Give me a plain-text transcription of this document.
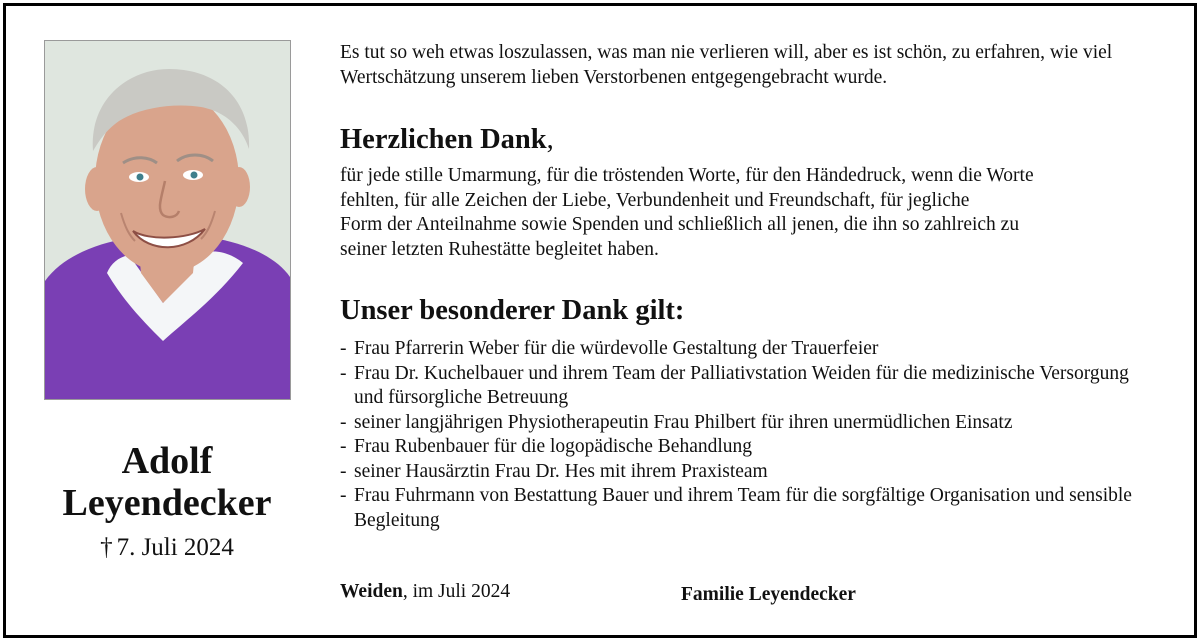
Adolf
Leyendecker
† 7. Juli 2024

Es tut so weh etwas loszulassen, was man nie verlieren will, aber es ist schön, zu erfahren, wie viel Wertschätzung unserem lieben Verstorbenen entgegengebracht wurde.

Herzlichen Dank,

für jede stille Umarmung, für die tröstenden Worte, für den Händedruck, wenn die Worte

fehlten, für alle Zeichen der Liebe, Verbundenheit und Freundschaft, für jegliche

Form der Anteilnahme sowie Spenden und schließlich all jenen, die ihn so zahlreich zu

seiner letzten Ruhestätte begleitet haben.

Unser besonderer Dank gilt:
- Frau Pfarrerin Weber für die würdevolle Gestaltung der Trauerfeier
- Frau Dr. Kuchelbauer und ihrem Team der Palliativstation Weiden für die medizinische Versorgung und fürsorgliche Betreuung
- seiner langjährigen Physiotherapeutin Frau Philbert für ihren unermüdlichen Einsatz
- Frau Rubenbauer für die logopädische Behandlung
- seiner Hausärztin Frau Dr. Hes mit ihrem Praxisteam
- Frau Fuhrmann von Bestattung Bauer und ihrem Team für die sorgfältige Organisation und sensible Begleitung
Weiden, im Juli 2024	Familie Leyendecker
